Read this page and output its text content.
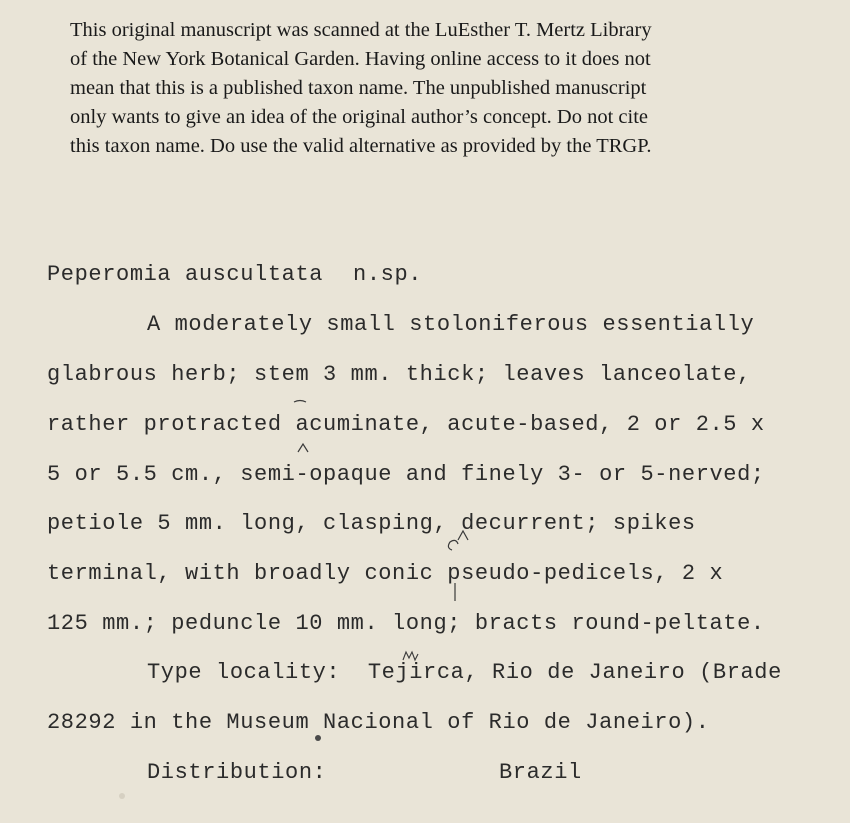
This original manuscript was scanned at the LuEsther T. Mertz Library
of the New York Botanical Garden. Having online access to it does not
mean that this is a published taxon name. The unpublished manuscript
only wants to give an idea of the original author’s concept. Do not cite
this taxon name. Do use the valid alternative as provided by the TRGP.
Peperomia auscultata n.sp.
A moderately small stoloniferous essentially
glabrous herb; stem 3 mm. thick; leaves lanceolate,
rather protracted acuminate, acute-based, 2 or 2.5 x
5 or 5.5 cm., semi-opaque and finely 3- or 5-nerved;
petiole 5 mm. long, clasping, decurrent; spikes
terminal, with broadly conic pseudo-pedicels, 2 x
125 mm.; peduncle 10 mm. long; bracts round-peltate.
Type locality:  Tejirca, Rio de Janeiro (Brade
28292 in the Museum Nacional of Rio de Janeiro).
Distribution:	Brazil
